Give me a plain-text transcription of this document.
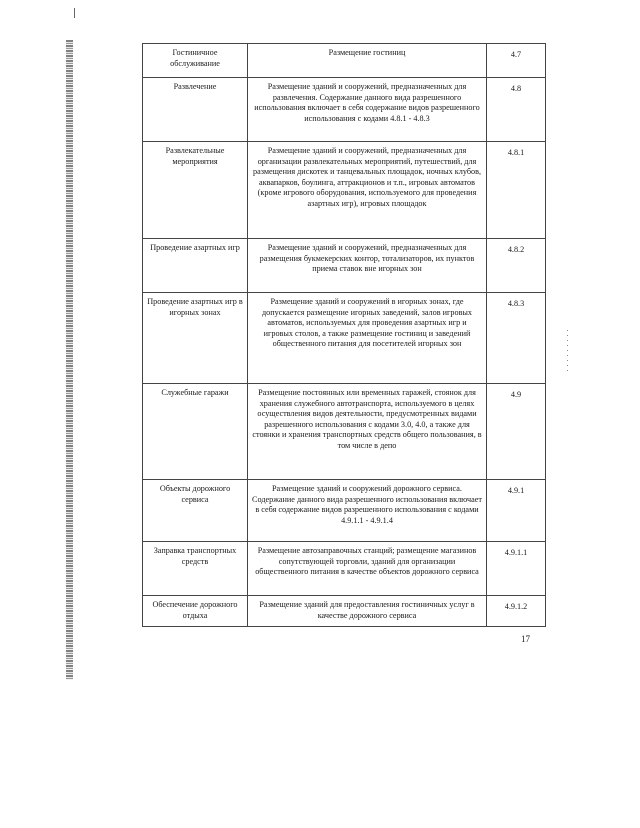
Гостиничное обслуживание	Размещение гостиниц	4.7
Развлечение	Размещение зданий и сооружений, предназначенных для развлечения. Содержание данного вида разрешенного использования включает в себя содержание видов разрешенного использования с кодами 4.8.1 - 4.8.3	4.8
Развлекательные мероприятия	Размещение зданий и сооружений, предназначенных для организации развлекательных мероприятий, путешествий, для размещения дискотек и танцевальных площадок, ночных клубов, аквапарков, боулинга, аттракционов и т.п., игровых автоматов (кроме игрового оборудования, используемого для проведения азартных игр), игровых площадок	4.8.1
Проведение азартных игр	Размещение зданий и сооружений, предназначенных для размещения букмекерских контор, тотализаторов, их пунктов приема ставок вне игорных зон	4.8.2
Проведение азартных игр в игорных зонах	Размещение зданий и сооружений в игорных зонах, где допускается размещение игорных заведений, залов игровых автоматов, используемых для проведения азартных игр и игровых столов, а также размещение гостиниц и заведений общественного питания для посетителей игорных зон	4.8.3
Служебные гаражи	Размещение постоянных или временных гаражей, стоянок для хранения служебного автотранспорта, используемого в целях осуществления видов деятельности, предусмотренных видами разрешенного использования с кодами 3.0, 4.0, а также для стоянки и хранения транспортных средств общего пользования, в том числе в депо	4.9
Объекты дорожного сервиса	Размещение зданий и сооружений дорожного сервиса. Содержание данного вида разрешенного использования включает в себя содержание видов разрешенного использования с кодами 4.9.1.1 - 4.9.1.4	4.9.1
Заправка транспортных средств	Размещение автозаправочных станций; размещение магазинов сопутствующей торговли, зданий для организации общественного питания в качестве объектов дорожного сервиса	4.9.1.1
Обеспечение дорожного отдыха	Размещение зданий для предоставления гостиничных услуг в качестве дорожного сервиса	4.9.1.2
17
